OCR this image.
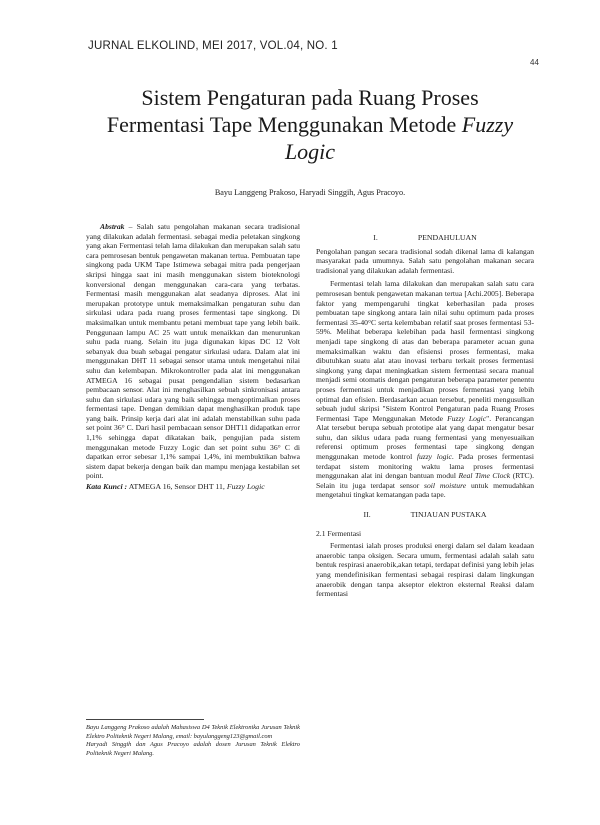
JURNAL ELKOLIND, MEI 2017, VOL.04, NO. 1
44
Sistem Pengaturan pada Ruang Proses
Fermentasi Tape Menggunakan Metode Fuzzy
Logic
Bayu Langgeng Prakoso, Haryadi Singgih, Agus Pracoyo.

Abstrak – Salah satu pengolahan makanan secara tradisional yang dilakukan adalah fermentasi. sebagai media peletakan singkong yang akan Fermentasi telah lama dilakukan dan merupakan salah satu cara pemrosesan bentuk pengawetan makanan tertua. Pembuatan tape singkong pada UKM Tape Istimewa sebagai mitra pada pengerjaan skripsi hingga saat ini masih menggunakan sistem bioteknologi konversional dengan menggunakan cara-cara yang terbatas. Fermentasi masih menggunakan alat seadanya diproses. Alat ini merupakan prototype untuk memaksimalkan pengaturan suhu dan sirkulasi udara pada ruang proses fermentasi tape singkong. Di maksimalkan untuk membantu petani membuat tape yang lebih baik. Penggunaan lampu AC 25 watt untuk menaikkan dan menurunkan suhu pada ruang. Selain itu juga digunakan kipas DC 12 Volt sebanyak dua buah sebagai pengatur sirkulasi udara. Dalam alat ini menggunakan DHT 11 sebagai sensor utama untuk mengetahui nilai suhu dan kelembapan. Mikrokontroller pada alat ini menggunakan ATMEGA 16 sebagai pusat pengendalian sistem bedasarkan pembacaan sensor. Alat ini menghasilkan sebuah sinkronisasi antara suhu dan sirkulasi udara yang baik sehingga mengoptimalkan proses fermentasi tape. Dengan demikian dapat menghasilkan produk tape yang baik. Prinsip kerja dari alat ini adalah menstabilkan suhu pada set point 36° C. Dari hasil pembacaan sensor DHT11 didapatkan error 1,1% sehingga dapat dikatakan baik, pengujian pada sistem menggunakan metode Fuzzy Logic dan set point suhu 36° C di dapatkan error sebesar 1,1% sampai 1,4%, ini membuktikan bahwa sistem dapat bekerja dengan baik dan mampu menjaga kestabilan set point.

Kata Kunci : ATMEGA 16, Sensor DHT 11, Fuzzy Logic

Bayu Langgeng Prakoso adalah Mahasiswa D4 Teknik Elektronika Jurusan Teknik Elektro Politeknik Negeri Malang, email: bayulanggeng123@gmail.com

Haryadi Singgih dan Agus Pracoyo adalah dosen Jurusan Teknik Elektro Politeknik Negeri Malang.

I.	PENDAHULUAN

Pengolahan pangan secara tradisional sodah dikenal lama di kalangan masyarakat pada umumnya. Salah satu pengolahan makanan secara tradisional yang dilakukan adalah fermentasi.

Fermentasi telah lama dilakukan dan merupakan salah satu cara pemrosesan bentuk pengawetan makanan tertua [Achi.2005]. Beberapa faktor yang mempengaruhi tingkat keberhasilan pada proses pembuatan tape singkong antara lain nilai suhu optimum pada proses fermentasi 35-40°C serta kelembaban relatif saat proses fermentasi 53-59%. Melihat beberapa kelebihan pada hasil fermentasi singkong menjadi tape singkong di atas dan beberapa parameter acuan guna memaksimalkan waktu dan efisiensi proses fermentasi, maka dibutuhkan suatu alat atau inovasi terbaru terkait proses fermentasi singkong yang dapat meningkatkan sistem fermentasi secara manual menjadi semi otomatis dengan pengaturan beberapa parameter penentu proses fermentasi untuk menjadikan proses fermentasi yang lebih optimal dan efisien. Berdasarkan acuan tersebut, peneliti mengusulkan sebuah judul skripsi "Sistem Kontrol Pengaturan pada Ruang Proses Fermentasi Tape Menggunakan Metode Fuzzy Logic". Perancangan Alat tersebut berupa sebuah prototipe alat yang dapat mengatur besar suhu, dan siklus udara pada ruang fermentasi yang menyesuaikan referensi optimum proses fermentasi tape singkong dengan menggunakan metode kontrol fuzzy logic. Pada proses fermentasi terdapat sistem monitoring waktu lama proses fermentasi menggunakan alat ini dengan bantuan modul Real Time Clock (RTC). Selain itu juga terdapat sensor soil moisture untuk memudahkan mengetahui tingkat kematangan pada tape.

II.	TINJAUAN PUSTAKA

2.1 Fermentasi

Fermentasi ialah proses produksi energi dalam sel dalam keadaan anaerobic tanpa oksigen. Secara umum, fermentasi adalah salah satu bentuk respirasi anaerobik,akan tetapi, terdapat definisi yang lebih jelas yang mendefinisikan fermentasi sebagai respirasi dalam lingkungan anaerobik dengan tanpa akseptor elektron eksternal Reaksi dalam fermentasi
